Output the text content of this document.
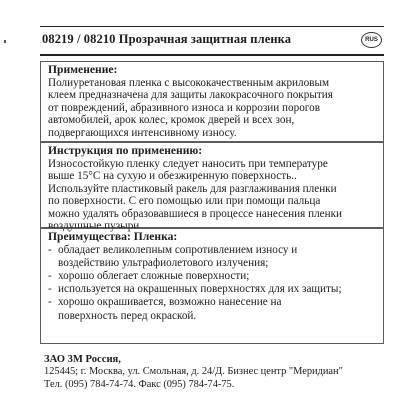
08219 / 08210 Прозрачная защитная пленка	RUS
Применение:
Полиуретановая пленка с высококачественным акриловым
клеем предназначена для защиты лакокрасочного покрытия
от повреждений, абразивного износа и коррозии порогов
автомобилей, арок колес, кромок дверей и всех зон,
подвергающихся интенсивному износу.
Инструкция по применению:
Износостойкую пленку следует наносить при температуре
выше 15°С на сухую и обезжиренную поверхность..
Используйте пластиковый ракель для разглаживания пленки
по поверхности. С его помощью или при помощи пальца
можно удалять образовавшиеся в процессе нанесения пленки
воздушные пузыри.
Преимущества: Пленка:
- обладает великолепным сопротивлением износу и
воздействию ультрафиолетового излучения;
- хорошо облегает сложные поверхности;
- используется на окрашенных поверхностях для их защиты;
- хорошо окрашивается, возможно нанесение на
поверхность перед окраской.
ЗАО 3М Россия,
125445; г. Москва, ул. Смольная, д. 24/Д. Бизнес центр "Меридиан"
Тел. (095) 784-74-74. Факс (095) 784-74-75.
